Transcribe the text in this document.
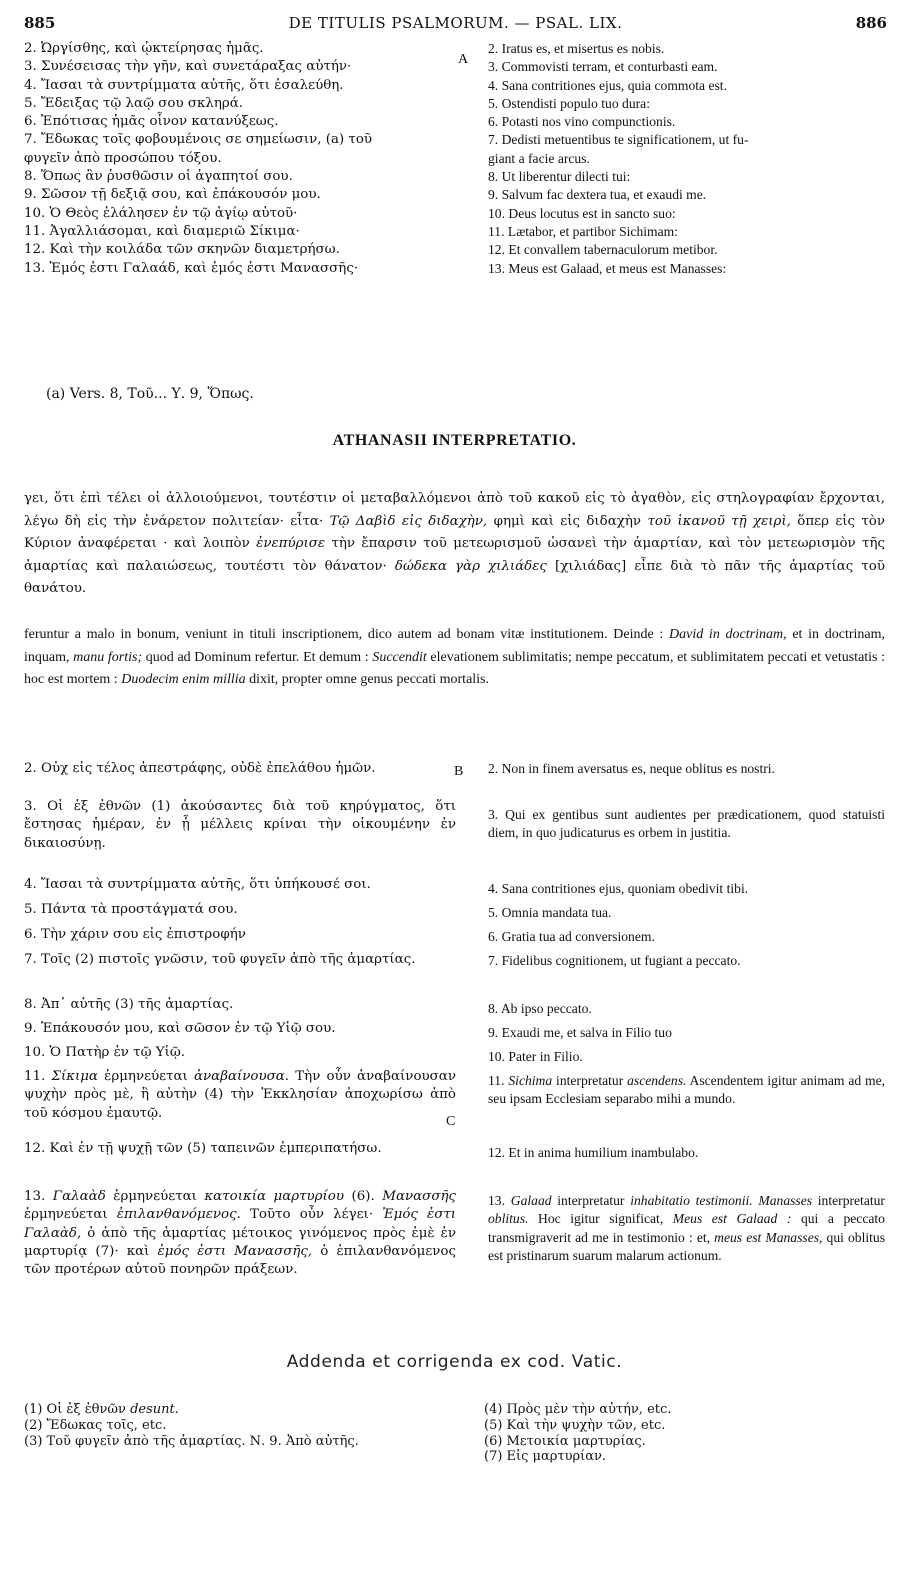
885	DE TITULIS PSALMORUM. — PSAL. LIX.	886
2. Ὠργίσθης, καὶ ᾠκτείρησας ἡμᾶς.
3. Συνέσεισας τὴν γῆν, καὶ συνετάραξας αὐτήν·
4. Ἴασαι τὰ συντρίμματα αὐτῆς, ὅτι ἐσαλεύθη.
5. Ἔδειξας τῷ λαῷ σου σκληρά.
6. Ἐπότισας ἡμᾶς οἶνον κατανύξεως.
7. Ἔδωκας τοῖς φοβουμένοις σε σημείωσιν, (a) τοῦ
φυγεῖν ἀπὸ προσώπου τόξου.
8. Ὅπως ἂν ῥυσθῶσιν οἱ ἀγαπητοί σου.
9. Σῶσον τῇ δεξιᾷ σου, καὶ ἐπάκουσόν μου.
10. Ὁ Θεὸς ἐλάλησεν ἐν τῷ ἁγίῳ αὐτοῦ·
11. Ἀγαλλιάσομαι, καὶ διαμεριῶ Σίκιμα·
12. Καὶ τὴν κοιλάδα τῶν σκηνῶν διαμετρήσω.
13. Ἐμός ἐστι Γαλαάδ, καὶ ἐμός ἐστι Μανασσῆς·
A
2. Iratus es, et misertus es nobis.
3. Commovisti terram, et conturbasti eam.
4. Sana contritiones ejus, quia commota est.
5. Ostendisti populo tuo dura:
6. Potasti nos vino compunctionis.
7. Dedisti metuentibus te significationem, ut fu-
giant a facie arcus.
8. Ut liberentur dilecti tui:
9. Salvum fac dextera tua, et exaudi me.
10. Deus locutus est in sancto suo:
11. Lætabor, et partibor Sichimam:
12. Et convallem tabernaculorum metibor.
13. Meus est Galaad, et meus est Manasses:
(a) Vers. 8, Τοῦ... Υ. 9, Ὅπως.
ATHANASII INTERPRETATIO.
γει, ὅτι ἐπὶ τέλει οἱ ἀλλοιούμενοι, τουτέστιν οἱ μεταβαλλόμενοι ἀπὸ τοῦ κακοῦ εἰς τὸ ἀγαθὸν, εἰς στηλογραφίαν ἔρχονται, λέγω δὴ εἰς τὴν ἐνάρετον πολιτείαν· εἶτα· Τῷ Δαβὶδ εἰς διδαχὴν, φημὶ καὶ εἰς διδαχὴν τοῦ ἱκανοῦ τῇ χειρὶ, ὅπερ εἰς τὸν Κύριον ἀναφέρεται · καὶ λοιπὸν ἐνεπύρισε τὴν ἔπαρσιν τοῦ μετεωρισμοῦ ὡσανεὶ τὴν ἁμαρτίαν, καὶ τὸν μετεωρισμὸν τῆς ἁμαρτίας καὶ παλαιώσεως, τουτέστι τὸν θάνατον· δώδεκα γὰρ χιλιάδες [χιλιάδας] εἶπε διὰ τὸ πᾶν τῆς ἁμαρτίας τοῦ θανάτου.
feruntur a malo in bonum, veniunt in tituli inscriptionem, dico autem ad bonam vitæ institutionem. Deinde : David in doctrinam, et in doctrinam, inquam, manu fortis; quod ad Dominum refertur. Et demum : Succendit elevationem sublimitatis; nempe peccatum, et sublimitatem peccati et vetustatis : hoc est mortem : Duodecim enim millia dixit, propter omne genus peccati mortalis.
2. Οὐχ εἰς τέλος ἀπεστράφης, οὐδὲ ἐπελάθου ἡμῶν.
3. Οἱ ἐξ ἐθνῶν (1) ἀκούσαντες διὰ τοῦ κηρύγματος, ὅτι ἔστησας ἡμέραν, ἐν ᾗ μέλλεις κρίναι τὴν οἰκουμένην ἐν δικαιοσύνῃ.
4. Ἴασαι τὰ συντρίμματα αὐτῆς, ὅτι ὑπήκουσέ σοι.
5. Πάντα τὰ προστάγματά σου.
6. Τὴν χάριν σου εἰς ἐπιστροφήν
7. Τοῖς (2) πιστοῖς γνῶσιν, τοῦ φυγεῖν ἀπὸ τῆς ἁμαρτίας.
8. Ἀπ᾽ αὐτῆς (3) τῆς ἁμαρτίας.
9. Ἐπάκουσόν μου, καὶ σῶσον ἐν τῷ Υἱῷ σου.
10. Ὁ Πατὴρ ἐν τῷ Υἱῷ.
11. Σίκιμα ἑρμηνεύεται ἀναβαίνουσα. Τὴν οὖν ἀναβαίνουσαν ψυχὴν πρὸς μὲ, ἢ αὐτὴν (4) τὴν Ἐκκλησίαν ἀποχωρίσω ἀπὸ τοῦ κόσμου ἐμαυτῷ.
12. Καὶ ἐν τῇ ψυχῇ τῶν (5) ταπεινῶν ἐμπεριπατήσω.
13. Γαλαὰδ ἑρμηνεύεται κατοικία μαρτυρίου (6). Μανασσῆς ἑρμηνεύεται ἐπιλανθανόμενος. Τοῦτο οὖν λέγει· Ἐμός ἐστι Γαλαὰδ, ὁ ἀπὸ τῆς ἁμαρτίας μέτοικος γινόμενος πρὸς ἐμὲ ἐν μαρτυρίᾳ (7)· καὶ ἐμός ἐστι Μανασσῆς, ὁ ἐπιλανθανόμενος τῶν προτέρων αὐτοῦ πονηρῶν πράξεων.
B
C
2. Non in finem aversatus es, neque oblitus es nostri.
3. Qui ex gentibus sunt audientes per prædicationem, quod statuisti diem, in quo judicaturus es orbem in justitia.
4. Sana contritiones ejus, quoniam obedivit tibi.
5. Omnia mandata tua.
6. Gratia tua ad conversionem.
7. Fidelibus cognitionem, ut fugiant a peccato.
8. Ab ipso peccato.
9. Exaudi me, et salva in Filio tuo
10. Pater in Filio.
11. Sichima interpretatur ascendens. Ascendentem igitur animam ad me, seu ipsam Ecclesiam separabo mihi a mundo.
12. Et in anima humilium inambulabo.
13. Galaad interpretatur inhabitatio testimonii. Manasses interpretatur oblitus. Hoc igitur significat, Meus est Galaad : qui a peccato transmigraverit ad me in testimonio : et, meus est Manasses, qui oblitus est pristinarum suarum malarum actionum.
Addenda et corrigenda ex cod. Vatic.
(1) Οἱ ἐξ ἐθνῶν desunt.
(2) Ἔδωκας τοῖς, etc.
(3) Τοῦ φυγεῖν ἀπὸ τῆς ἁμαρτίας. Ν. 9. Ἀπὸ αὐτῆς.
(4) Πρὸς μὲν τὴν αὐτήν, etc.
(5) Καὶ τὴν ψυχὴν τῶν, etc.
(6) Μετοικία μαρτυρίας.
(7) Εἰς μαρτυρίαν.
